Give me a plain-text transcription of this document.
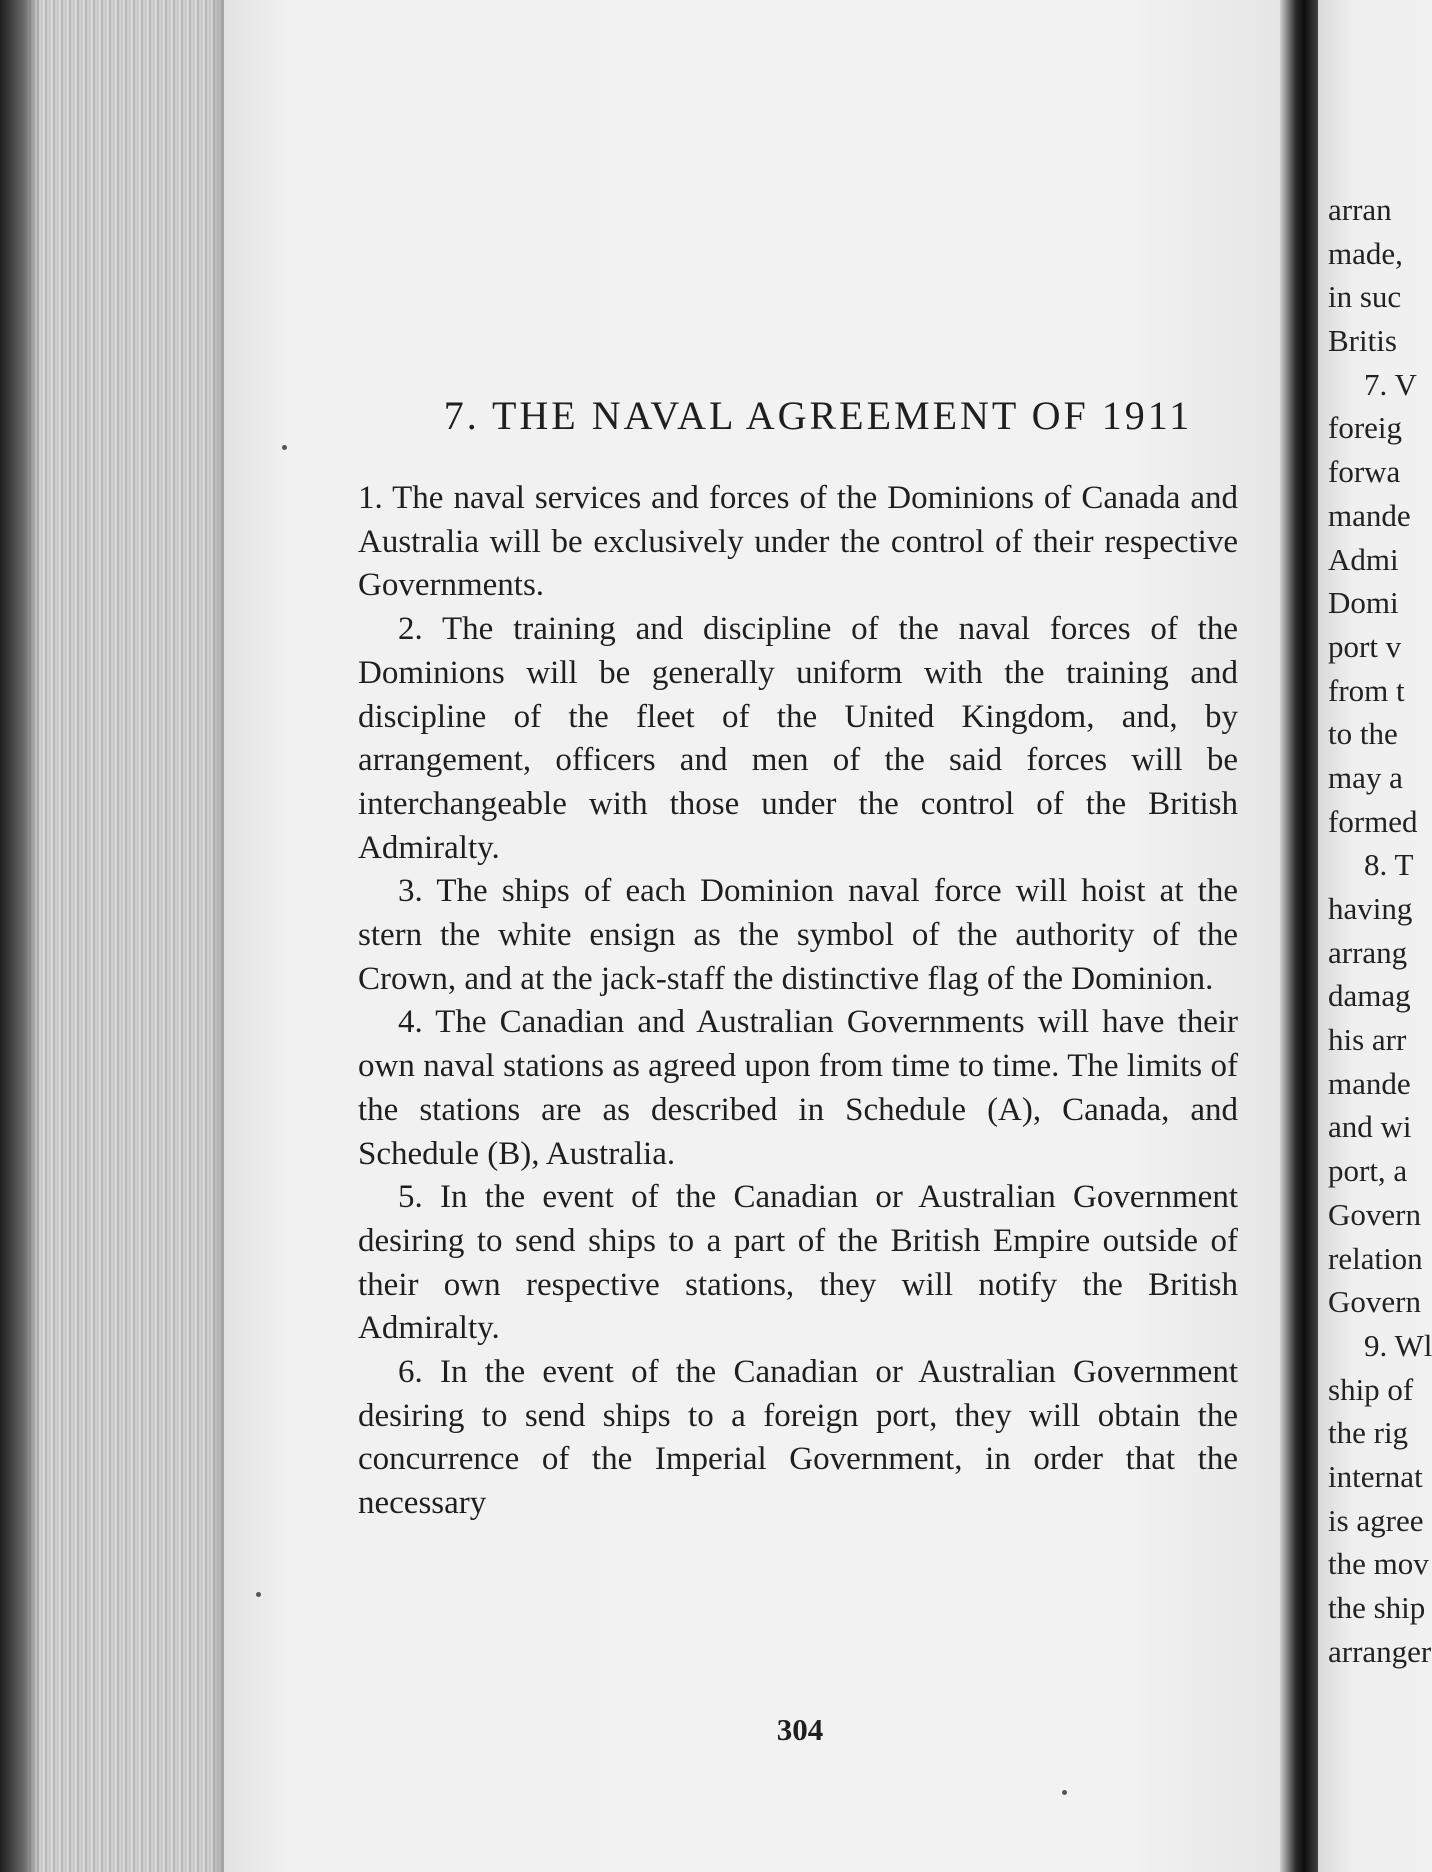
7. THE NAVAL AGREEMENT OF 1911

1. The naval services and forces of the Dominions of Canada and Australia will be exclusively under the control of their respective Governments.

2. The training and discipline of the naval forces of the Dominions will be generally uniform with the training and discipline of the fleet of the United Kingdom, and, by arrangement, officers and men of the said forces will be interchangeable with those under the control of the British Admiralty.

3. The ships of each Dominion naval force will hoist at the stern the white ensign as the symbol of the authority of the Crown, and at the jack-staff the distinctive flag of the Dominion.

4. The Canadian and Australian Governments will have their own naval stations as agreed upon from time to time. The limits of the stations are as described in Schedule (A), Canada, and Schedule (B), Australia.

5. In the event of the Canadian or Australian Government desiring to send ships to a part of the British Empire outside of their own respective stations, they will notify the British Admiralty.

6. In the event of the Canadian or Australian Government desiring to send ships to a foreign port, they will obtain the concurrence of the Imperial Government, in order that the necessary

304
arran
made,
in suc
Britis
7. V
foreig
forwa
mande
Admi
Domi
port v
from t
to the
may a
formed
8. T
having
arrang
damag
his arr
mande
and wi
port, a
Govern
relation
Govern
9. Wl
ship of
the rig
internat
is agree
the mov
the ship
arranger
